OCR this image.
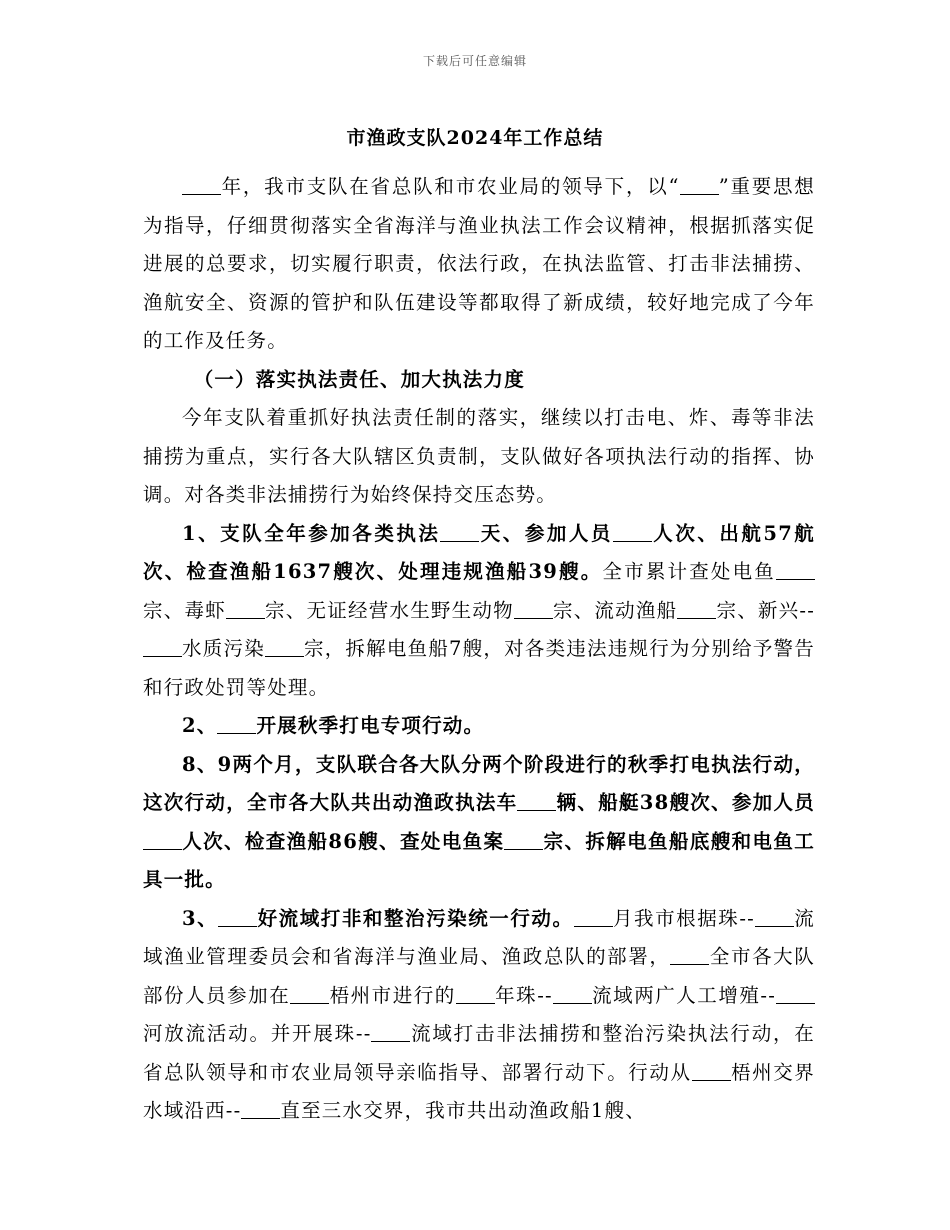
下载后可任意编辑
市渔政支队2024年工作总结

年，我市支队在省总队和市农业局的领导下，以“ ”重要思想为指导，仔细贯彻落实全省海洋与渔业执法工作会议精神，根据抓落实促进展的总要求，切实履行职责，依法行政，在执法监管、打击非法捕捞、渔航安全、资源的管护和队伍建设等都取得了新成绩，较好地完成了今年的工作及任务。

（一）落实执法责任、加大执法力度

今年支队着重抓好执法责任制的落实，继续以打击电、炸、毒等非法捕捞为重点，实行各大队辖区负责制，支队做好各项执法行动的指挥、协调。对各类非法捕捞行为始终保持交压态势。

1、支队全年参加各类执法 天、参加人员 人次、出航57航次、检查渔船1637艘次、处理违规渔船39艘。全市累计查处电鱼宗、毒虾 宗、无证经营水生野生动物 宗、流动渔船 宗、新兴--水质污染 宗，拆解电鱼船7艘，对各类违法违规行为分别给予警告和行政处罚等处理。

2、 开展秋季打电专项行动。

8、9两个月，支队联合各大队分两个阶段进行的秋季打电执法行动，这次行动，全市各大队共出动渔政执法车 辆、船艇38艘次、参加人员人次、检查渔船86艘、查处电鱼案 宗、拆解电鱼船底艘和电鱼工具一批。

3、 好流域打非和整治污染统一行动。 月我市根据珠-- 流域渔业管理委员会和省海洋与渔业局、渔政总队的部署， 全市各大队部份人员参加在 梧州市进行的 年珠-- 流域两广人工增殖--河放流活动。并开展珠-- 流域打击非法捕捞和整治污染执法行动，在省总队领导和市农业局领导亲临指导、部署行动下。行动从 梧州交界水域沿西-- 直至三水交界，我市共出动渔政船1艘、
